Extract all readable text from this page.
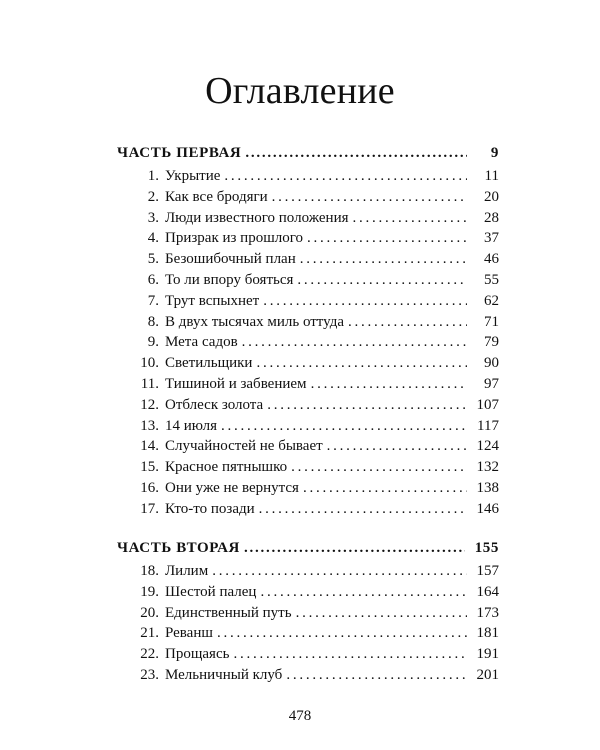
Оглавление
ЧАСТЬ ПЕРВАЯ . . .	9
1. Укрытие . . .	11
2. Как все бродяги . . .	20
3. Люди известного положения . . .	28
4. Призрак из прошлого . . .	37
5. Безошибочный план . . .	46
6. То ли впору бояться . . .	55
7. Трут вспыхнет . . .	62
8. В двух тысячах миль оттуда . . .	71
9. Мета садов . . .	79
10. Светильщики . . .	90
11. Тишиной и забвением . . .	97
12. Отблеск золота . . .	107
13. 14 июля . . .	117
14. Случайностей не бывает . . .	124
15. Красное пятнышко . . .	132
16. Они уже не вернутся . . .	138
17. Кто-то позади . . .	146
ЧАСТЬ ВТОРАЯ . . .	155
18. Лилим . . .	157
19. Шестой палец . . .	164
20. Единственный путь . . .	173
21. Реванш . . .	181
22. Прощаясь . . .	191
23. Мельничный клуб . . .	201
478
